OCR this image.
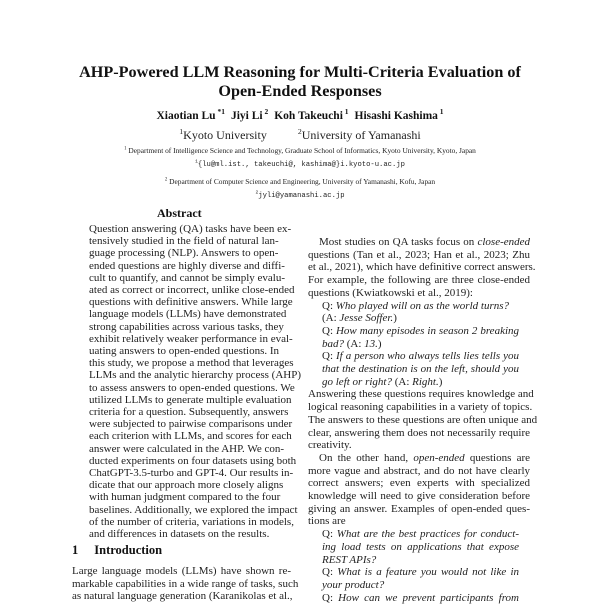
AHP-Powered LLM Reasoning for Multi-Criteria Evaluation of
Open-Ended Responses
Xiaotian Lu $^{*1}$ Jiyi Li $^2$ Koh Takeuchi $^1$ Hisashi Kashima $^1$
$^1$Kyoto University	$^2$University of Yamanashi
$^1$ Department of Intelligence Science and Technology, Graduate School of Informatics, Kyoto University, Kyoto, Japan
$^1${lu@ml.ist., takeuchi@, kashima@}i.kyoto-u.ac.jp
$^2$ Department of Computer Science and Engineering, University of Yamanashi, Kofu, Japan
$^2$jyli@yamanashi.ac.jp
Abstract
Question answering (QA) tasks have been ex-
tensively studied in the field of natural lan-
guage processing (NLP). Answers to open-
ended questions are highly diverse and diffi-
cult to quantify, and cannot be simply evalu-
ated as correct or incorrect, unlike close-ended
questions with definitive answers. While large
language models (LLMs) have demonstrated
strong capabilities across various tasks, they
exhibit relatively weaker performance in eval-
uating answers to open-ended questions. In
this study, we propose a method that leverages
LLMs and the analytic hierarchy process (AHP)
to assess answers to open-ended questions. We
utilized LLMs to generate multiple evaluation
criteria for a question. Subsequently, answers
were subjected to pairwise comparisons under
each criterion with LLMs, and scores for each
answer were calculated in the AHP. We con-
ducted experiments on four datasets using both
ChatGPT-3.5-turbo and GPT-4. Our results in-
dicate that our approach more closely aligns
with human judgment compared to the four
baselines. Additionally, we explored the impact
of the number of criteria, variations in models,
and differences in datasets on the results.
1 Introduction
Large language models (LLMs) have shown re-
markable capabilities in a wide range of tasks, such
as natural language generation (Karanikolas et al.,
Most studies on QA tasks focus on close-ended
questions (Tan et al., 2023; Han et al., 2023; Zhu
et al., 2021), which have definitive correct answers.
For example, the following are three close-ended
questions (Kwiatkowski et al., 2019):
Q: Who played will on as the world turns?
(A: Jesse Soffer.)
Q: How many episodes in season 2 breaking
bad? (A: 13.)
Q: If a person who always tells lies tells you
that the destination is on the left, should you
go left or right? (A: Right.)
Answering these questions requires knowledge and
logical reasoning capabilities in a variety of topics.
The answers to these questions are often unique and
clear, answering them does not necessarily require
creativity.
On the other hand, open-ended questions are
more vague and abstract, and do not have clearly
correct answers; even experts with specialized
knowledge will need to give consideration before
giving an answer. Examples of open-ended ques-
tions are
Q: What are the best practices for conduct-
ing load tests on applications that expose
REST APIs?
Q: What is a feature you would not like in
your product?
Q: How can we prevent participants from
